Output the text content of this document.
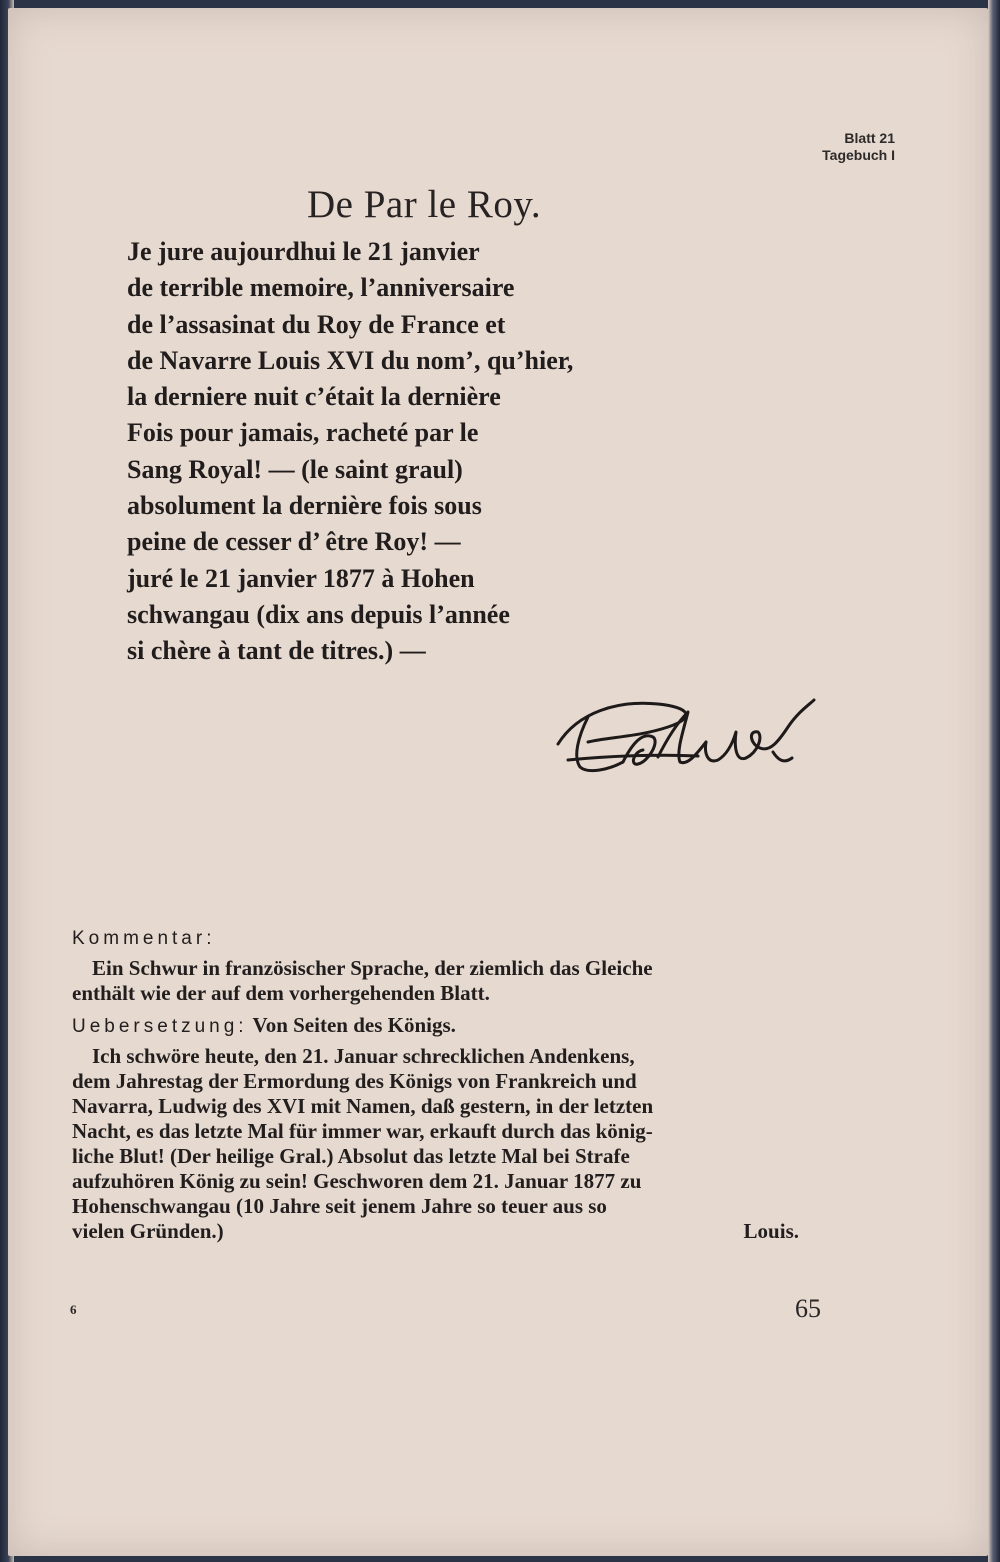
Blatt 21
Tagebuch I
De Par le Roy.
Je jure aujourdhui le 21 janvier
de terrible memoire, l’anniversaire
de l’assasinat du Roy de France et
de Navarre Louis XVI du nom’, qu’hier,
la derniere nuit c’était la dernière
Fois pour jamais, racheté par le
Sang Royal! — (le saint graul)
absolument la dernière fois sous
peine de cesser d’ être Roy! —
juré le 21 janvier 1877 à Hohen
schwangau (dix ans depuis l’année
si chère à tant de titres.) —
Kommentar:
Ein Schwur in französischer Sprache, der ziemlich das Gleiche
enthält wie der auf dem vorhergehenden Blatt.
Uebersetzung: Von Seiten des Königs.
Ich schwöre heute, den 21. Januar schrecklichen Andenkens,
dem Jahrestag der Ermordung des Königs von Frankreich und
Navarra, Ludwig des XVI mit Namen, daß gestern, in der letzten
Nacht, es das letzte Mal für immer war, erkauft durch das könig-
liche Blut! (Der heilige Gral.) Absolut das letzte Mal bei Strafe
aufzuhören König zu sein! Geschworen dem 21. Januar 1877 zu
Hohenschwangau (10 Jahre seit jenem Jahre so teuer aus so
vielen Gründen.)	Louis.
6	65
